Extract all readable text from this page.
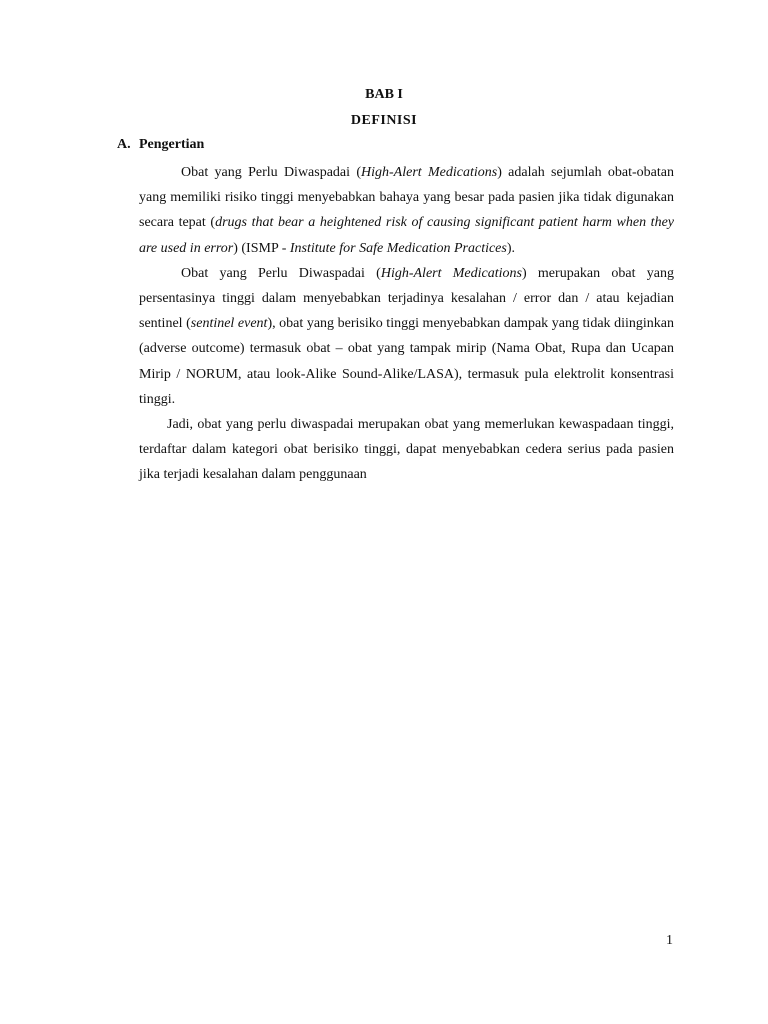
BAB I
DEFINISI
A. Pengertian

Obat yang Perlu Diwaspadai (High-Alert Medications) adalah sejumlah obat-obatan yang memiliki risiko tinggi menyebabkan bahaya yang besar pada pasien jika tidak digunakan secara tepat (drugs that bear a heightened risk of causing significant patient harm when they are used in error) (ISMP - Institute for Safe Medication Practices).

Obat yang Perlu Diwaspadai (High-Alert Medications) merupakan obat yang persentasinya tinggi dalam menyebabkan terjadinya kesalahan / error dan / atau kejadian sentinel (sentinel event), obat yang berisiko tinggi menyebabkan dampak yang tidak diinginkan (adverse outcome) termasuk obat – obat yang tampak mirip (Nama Obat, Rupa dan Ucapan Mirip / NORUM, atau look-Alike Sound-Alike/LASA), termasuk pula elektrolit konsentrasi tinggi.

Jadi, obat yang perlu diwaspadai merupakan obat yang memerlukan kewaspadaan tinggi, terdaftar dalam kategori obat berisiko tinggi, dapat menyebabkan cedera serius pada pasien jika terjadi kesalahan dalam penggunaan

1
